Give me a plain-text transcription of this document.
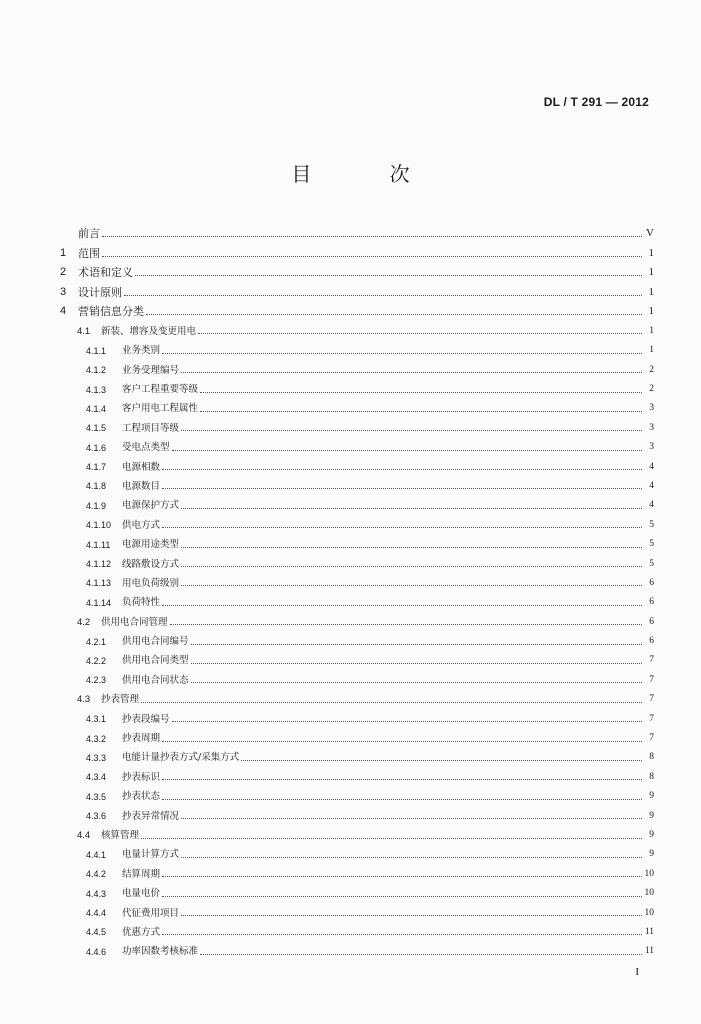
DL / T 291 — 2012
目 次
前言	V
1	范围	1
2	术语和定义	1
3	设计原则	1
4	营销信息分类	1
4.1	新装、增容及变更用电	1
4.1.1	业务类别	1
4.1.2	业务受理编号	2
4.1.3	客户工程重要等级	2
4.1.4	客户用电工程属性	3
4.1.5	工程项目等级	3
4.1.6	受电点类型	3
4.1.7	电源相数	4
4.1.8	电源数目	4
4.1.9	电源保护方式	4
4.1.10	供电方式	5
4.1.11	电源用途类型	5
4.1.12	线路敷设方式	5
4.1.13	用电负荷级别	6
4.1.14	负荷特性	6
4.2	供用电合同管理	6
4.2.1	供用电合同编号	6
4.2.2	供用电合同类型	7
4.2.3	供用电合同状态	7
4.3	抄表管理	7
4.3.1	抄表段编号	7
4.3.2	抄表周期	7
4.3.3	电能计量抄表方式/采集方式	8
4.3.4	抄表标识	8
4.3.5	抄表状态	9
4.3.6	抄表异常情况	9
4.4	核算管理	9
4.4.1	电量计算方式	9
4.4.2	结算周期	10
4.4.3	电量电价	10
4.4.4	代征费用项目	10
4.4.5	优惠方式	11
4.4.6	功率因数考核标准	11
I
